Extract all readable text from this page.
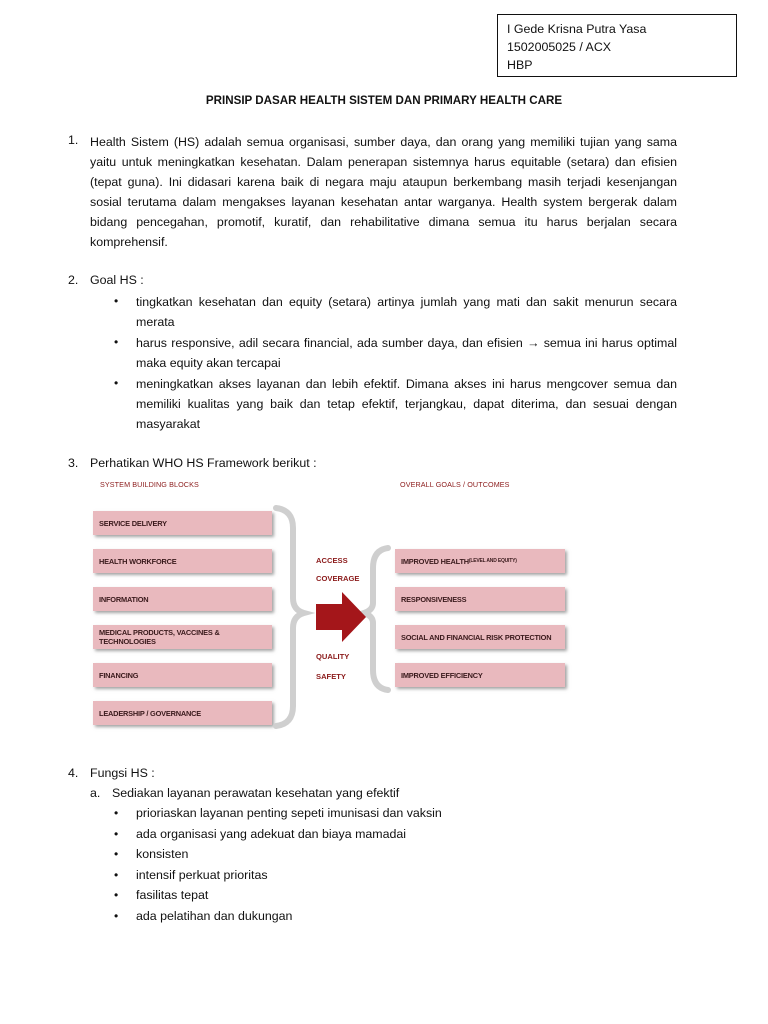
I Gede Krisna Putra Yasa
1502005025 / ACX
HBP
PRINSIP DASAR HEALTH SISTEM DAN PRIMARY HEALTH CARE
1. Health Sistem (HS) adalah semua organisasi, sumber daya, dan orang yang memiliki tujian yang sama
yaitu untuk meningkatkan kesehatan. Dalam penerapan sistemnya harus equitable (setara) dan efisien
(tepat guna). Ini didasari karena baik di negara maju ataupun berkembang masih terjadi kesenjangan
sosial terutama dalam mengakses layanan kesehatan antar warganya. Health system bergerak dalam
bidang pencegahan, promotif, kuratif, dan rehabilitative dimana semua itu harus berjalan secara
komprehensif.
2. Goal HS :
• tingkatkan kesehatan dan equity (setara) artinya jumlah yang mati dan sakit menurun secara
merata
• harus responsive, adil secara financial, ada sumber daya, dan efisien → semua ini harus optimal
maka equity akan tercapai
• meningkatkan akses layanan dan lebih efektif. Dimana akses ini harus mengcover semua dan
memiliki kualitas yang baik dan tetap efektif, terjangkau, dapat diterima, dan sesuai dengan
masyarakat
3. Perhatikan WHO HS Framework berikut :
SYSTEM BUILDING BLOCKS	OVERALL GOALS / OUTCOMES
SERVICE DELIVERY
HEALTH WORKFORCE
INFORMATION
MEDICAL PRODUCTS, VACCINES & TECHNOLOGIES
FINANCING
LEADERSHIP / GOVERNANCE
ACCESS
COVERAGE
QUALITY
SAFETY
IMPROVED HEALTH (LEVEL AND EQUITY)
RESPONSIVENESS
SOCIAL AND FINANCIAL RISK PROTECTION
IMPROVED EFFICIENCY
4. Fungsi HS :
a. Sediakan layanan perawatan kesehatan yang efektif
• prioriaskan layanan penting sepeti imunisasi dan vaksin
• ada organisasi yang adekuat dan biaya mamadai
• konsisten
• intensif perkuat prioritas
• fasilitas tepat
• ada pelatihan dan dukungan
